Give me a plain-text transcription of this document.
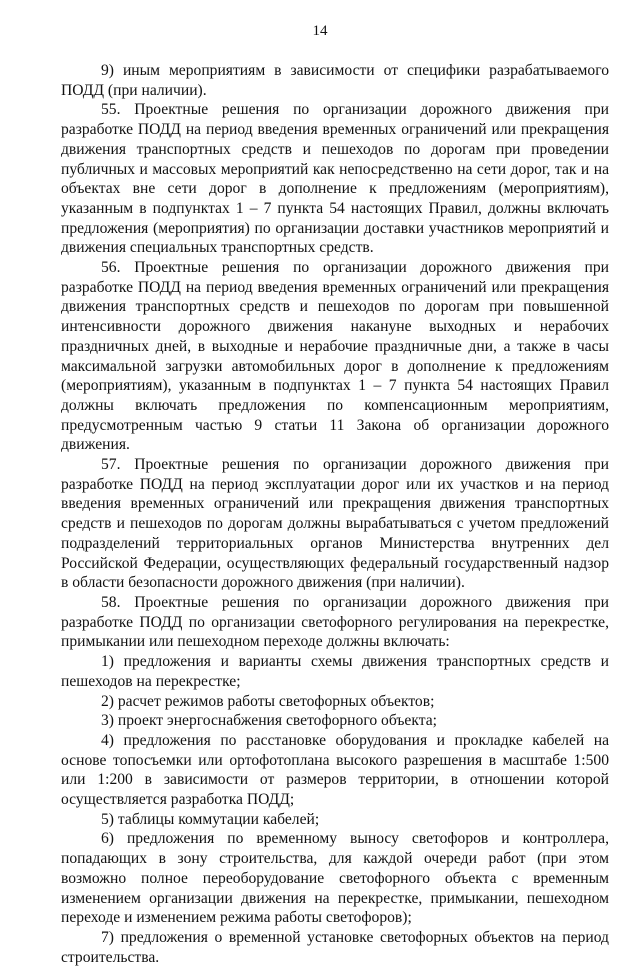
14

9) иным мероприятиям в зависимости от специфики разрабатываемого ПОДД (при наличии).

55. Проектные решения по организации дорожного движения при разработке ПОДД на период введения временных ограничений или прекращения движения транспортных средств и пешеходов по дорогам при проведении публичных и массовых мероприятий как непосредственно на сети дорог, так и на объектах вне сети дорог в дополнение к предложениям (мероприятиям), указанным в подпунктах 1 – 7 пункта 54 настоящих Правил, должны включать предложения (мероприятия) по организации доставки участников мероприятий и движения специальных транспортных средств.

56. Проектные решения по организации дорожного движения при разработке ПОДД на период введения временных ограничений или прекращения движения транспортных средств и пешеходов по дорогам при повышенной интенсивности дорожного движения накануне выходных и нерабочих праздничных дней, в выходные и нерабочие праздничные дни, а также в часы максимальной загрузки автомобильных дорог в дополнение к предложениям (мероприятиям), указанным в подпунктах 1 – 7 пункта 54 настоящих Правил должны включать предложения по компенсационным мероприятиям, предусмотренным частью 9 статьи 11 Закона об организации дорожного движения.

57. Проектные решения по организации дорожного движения при разработке ПОДД на период эксплуатации дорог или их участков и на период введения временных ограничений или прекращения движения транспортных средств и пешеходов по дорогам должны вырабатываться с учетом предложений подразделений территориальных органов Министерства внутренних дел Российской Федерации, осуществляющих федеральный государственный надзор в области безопасности дорожного движения (при наличии).

58. Проектные решения по организации дорожного движения при разработке ПОДД по организации светофорного регулирования на перекрестке, примыкании или пешеходном переходе должны включать:

1) предложения и варианты схемы движения транспортных средств и пешеходов на перекрестке;

2) расчет режимов работы светофорных объектов;

3) проект энергоснабжения светофорного объекта;

4) предложения по расстановке оборудования и прокладке кабелей на основе топосъемки или ортофотоплана высокого разрешения в масштабе 1:500 или 1:200 в зависимости от размеров территории, в отношении которой осуществляется разработка ПОДД;

5) таблицы коммутации кабелей;

6) предложения по временному выносу светофоров и контроллера, попадающих в зону строительства, для каждой очереди работ (при этом возможно полное переоборудование светофорного объекта с временным изменением организации движения на перекрестке, примыкании, пешеходном переходе и изменением режима работы светофоров);

7) предложения о временной установке светофорных объектов на период строительства.
